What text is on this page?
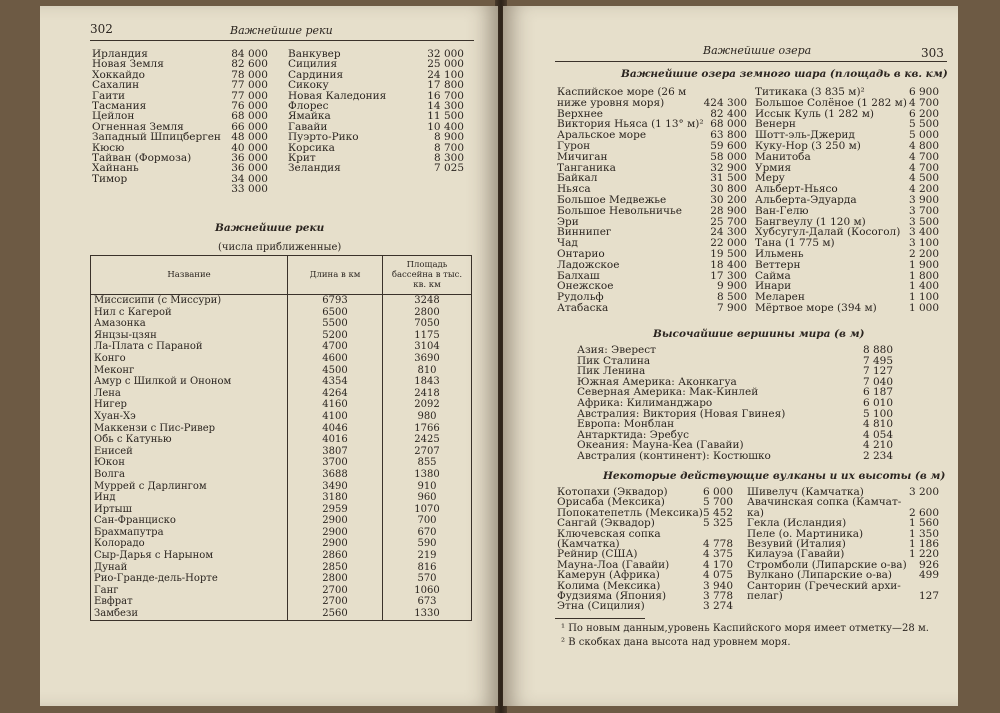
302	Важнейшие реки
Ирландия	84 000
Новая Земля	82 600
Хоккайдо	78 000
Сахалин	77 000
Гаити	77 000
Тасмания	76 000
Цейлон	68 000
Огненная Земля	66 000
Западный Шпицберген 48 000
Кюсю	40 000
Тайван (Формоза)	36 000
Хайнань	36 000
Тимор	34 000
33 000
Ванкувер	32 000
Сицилия	25 000
Сардиния	24 100
Сикоку	17 800
Новая Каледония	16 700
Флорес	14 300
Ямайка	11 500
Гавайи	10 400
Пуэрто-Рико	8 900
Корсика	8 700
Крит	8 300
Зеландия	7 025
Важнейшие реки
(числа приближенные)
Название	Длина в км	Площадь бассейна в тыс. кв. км
Миссисипи (с Миссури)	6793	3248
Нил с Кагерой	6500	2800
Амазонка	5500	7050
Янцзы-цзян	5200	1175
Ла-Плата с Параной	4700	3104
Конго	4600	3690
Меконг	4500	810
Амур с Шилкой и Ононом	4354	1843
Лена	4264	2418
Нигер	4160	2092
Хуан-Хэ	4100	980
Маккензи с Пис-Ривер	4046	1766
Обь с Катунью	4016	2425
Енисей	3807	2707
Юкон	3700	855
Волга	3688	1380
Муррей с Дарлингом	3490	910
Инд	3180	960
Иртыш	2959	1070
Сан-Франциско	2900	700
Брахмапутра	2900	670
Колорадо	2900	590
Сыр-Дарья с Нарыном	2860	219
Дунай	2850	816
Рио-Гранде-дель-Норте	2800	570
Ганг	2700	1060
Евфрат	2700	673
Замбези	2560	1330
Важнейшие озера	303
Важнейшие озера земного шара (площадь в кв. км)
Каспийское море (26 м
ниже уровня моря)	424 300
Верхнее	82 400
Виктория Ньяса (1 13° м)² 68 000
Аральское море	63 800
Гурон	59 600
Мичиган	58 000
Танганика	32 900
Байкал	31 500
Ньяса	30 800
Большое Медвежье	30 200
Большое Невольничье	28 900
Эри	25 700
Виннипег	24 300
Чад	22 000
Онтарио	19 500
Ладожское	18 400
Балхаш	17 300
Онежское	9 900
Рудольф	8 500
Атабаска	7 900
Титикака (3 835 м)²	6 900
Большое Солёное (1 282 м) 4 700
Иссык Куль (1 282 м)	6 200
Венерн	5 500
Шотт-эль-Джерид	5 000
Куку-Нор (3 250 м)	4 800
Манитоба	4 700
Урмия	4 700
Меру	4 500
Альберт-Ньясо	4 200
Альберта-Эдуарда	3 900
Ван-Гелю	3 700
Бангвеулу (1 120 м)	3 500
Хубсугул-Далай (Косогол) 3 400
Тана (1 775 м)	3 100
Ильмень	2 200
Веттерн	1 900
Сайма	1 800
Инари	1 400
Меларен	1 100
Мёртвое море (394 м)	1 000
Высочайшие вершины мира (в м)
Азия: Эверест	8 880
Пик Сталина	7 495
Пик Ленина	7 127
Южная Америка: Аконкагуа	7 040
Северная Америка: Мак-Кинлей	6 187
Африка: Килиманджаро	6 010
Австралия: Виктория (Новая Гвинея)	5 100
Европа: Монблан	4 810
Антарктида: Эребус	4 054
Океания: Мауна-Кеа (Гавайи)	4 210
Австралия (континент): Костюшко	2 234
Некоторые действующие вулканы и их высоты (в м)
Котопахи (Эквадор)	6 000
Орисаба (Мексика)	5 700
Попокатепетль (Мексика) 5 452
Сангай (Эквадор)	5 325
Ключевская сопка
(Камчатка)	4 778
Рейнир (США)	4 375
Мауна-Лоа (Гавайи)	4 170
Камерун (Африка)	4 075
Колима (Мексика)	3 940
Фудзияма (Япония)	3 778
Этна (Сицилия)	3 274
Шивелуч (Камчатка)	3 200
Авачинская сопка (Камчат-
ка)	2 600
Гекла (Исландия)	1 560
Пеле (о. Мартиника)	1 350
Везувий (Италия)	1 186
Килауэа (Гавайи)	1 220
Стромболи (Липарские о-ва)	926
Вулкано (Липарские о-ва)	499
Санторин (Греческий архи-
пелаг)	127
¹ По новым данным,уровень Каспийского моря имеет отметку—28 м.
² В скобках дана высота над уровнем моря.
